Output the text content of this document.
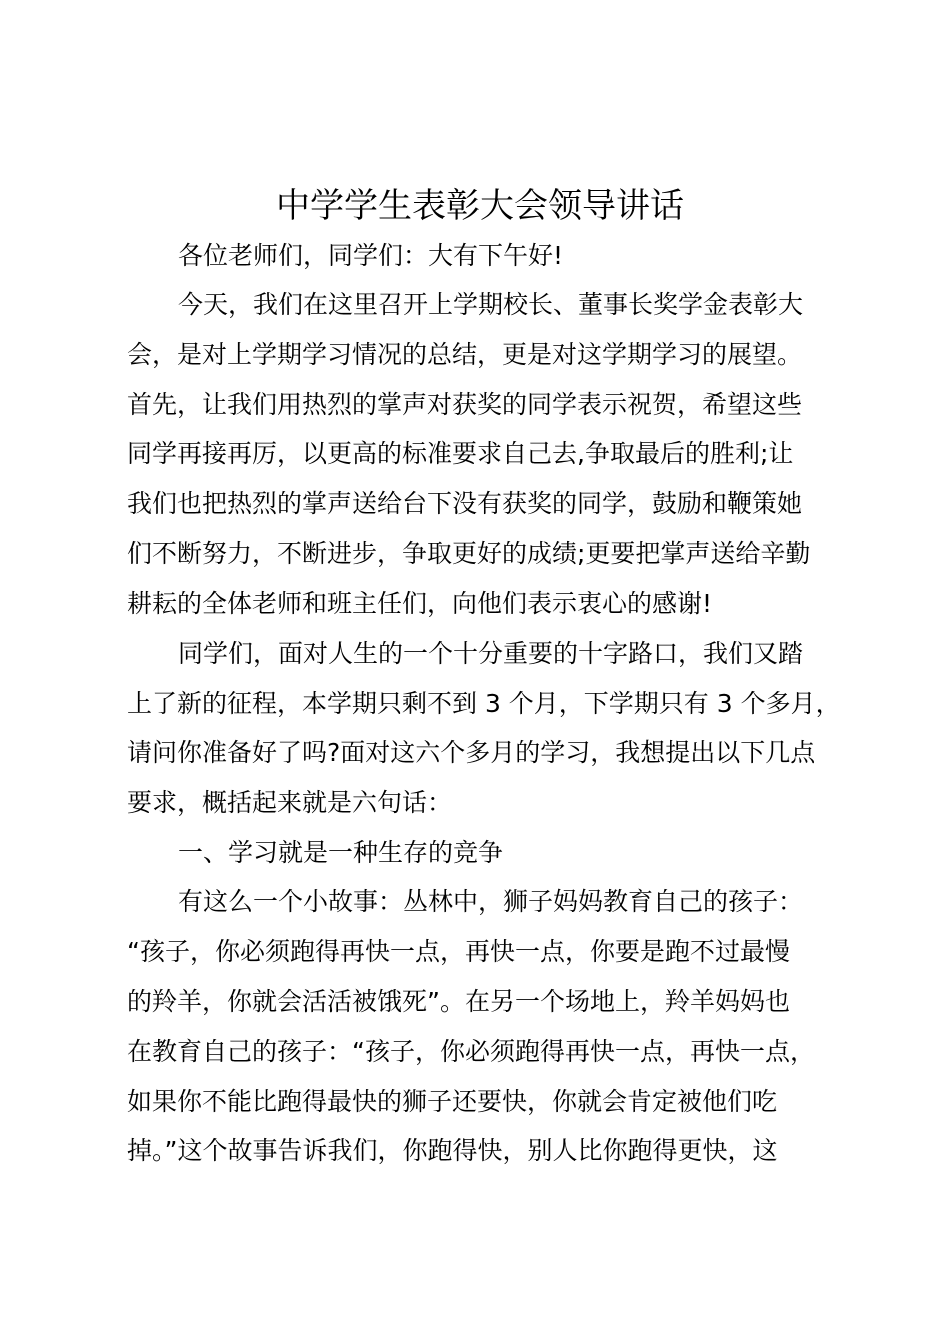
中学学生表彰大会领导讲话
各位老师们，同学们：大有下午好!
今天，我们在这里召开上学期校长、董事长奖学金表彰大
会，是对上学期学习情况的总结，更是对这学期学习的展望。
首先，让我们用热烈的掌声对获奖的同学表示祝贺，希望这些
同学再接再厉，以更高的标准要求自己去,争取最后的胜利;让
我们也把热烈的掌声送给台下没有获奖的同学，鼓励和鞭策她
们不断努力，不断进步，争取更好的成绩;更要把掌声送给辛勤
耕耘的全体老师和班主任们，向他们表示衷心的感谢!
同学们，面对人生的一个十分重要的十字路口，我们又踏
上了新的征程，本学期只剩不到 3 个月，下学期只有 3 个多月，
请问你准备好了吗?面对这六个多月的学习，我想提出以下几点
要求，概括起来就是六句话：
一、学习就是一种生存的竞争
有这么一个小故事：丛林中，狮子妈妈教育自己的孩子：
“孩子，你必须跑得再快一点，再快一点，你要是跑不过最慢
的羚羊，你就会活活被饿死”。在另一个场地上，羚羊妈妈也
在教育自己的孩子：“孩子，你必须跑得再快一点，再快一点，
如果你不能比跑得最快的狮子还要快，你就会肯定被他们吃
掉。”这个故事告诉我们，你跑得快，别人比你跑得更快，这
